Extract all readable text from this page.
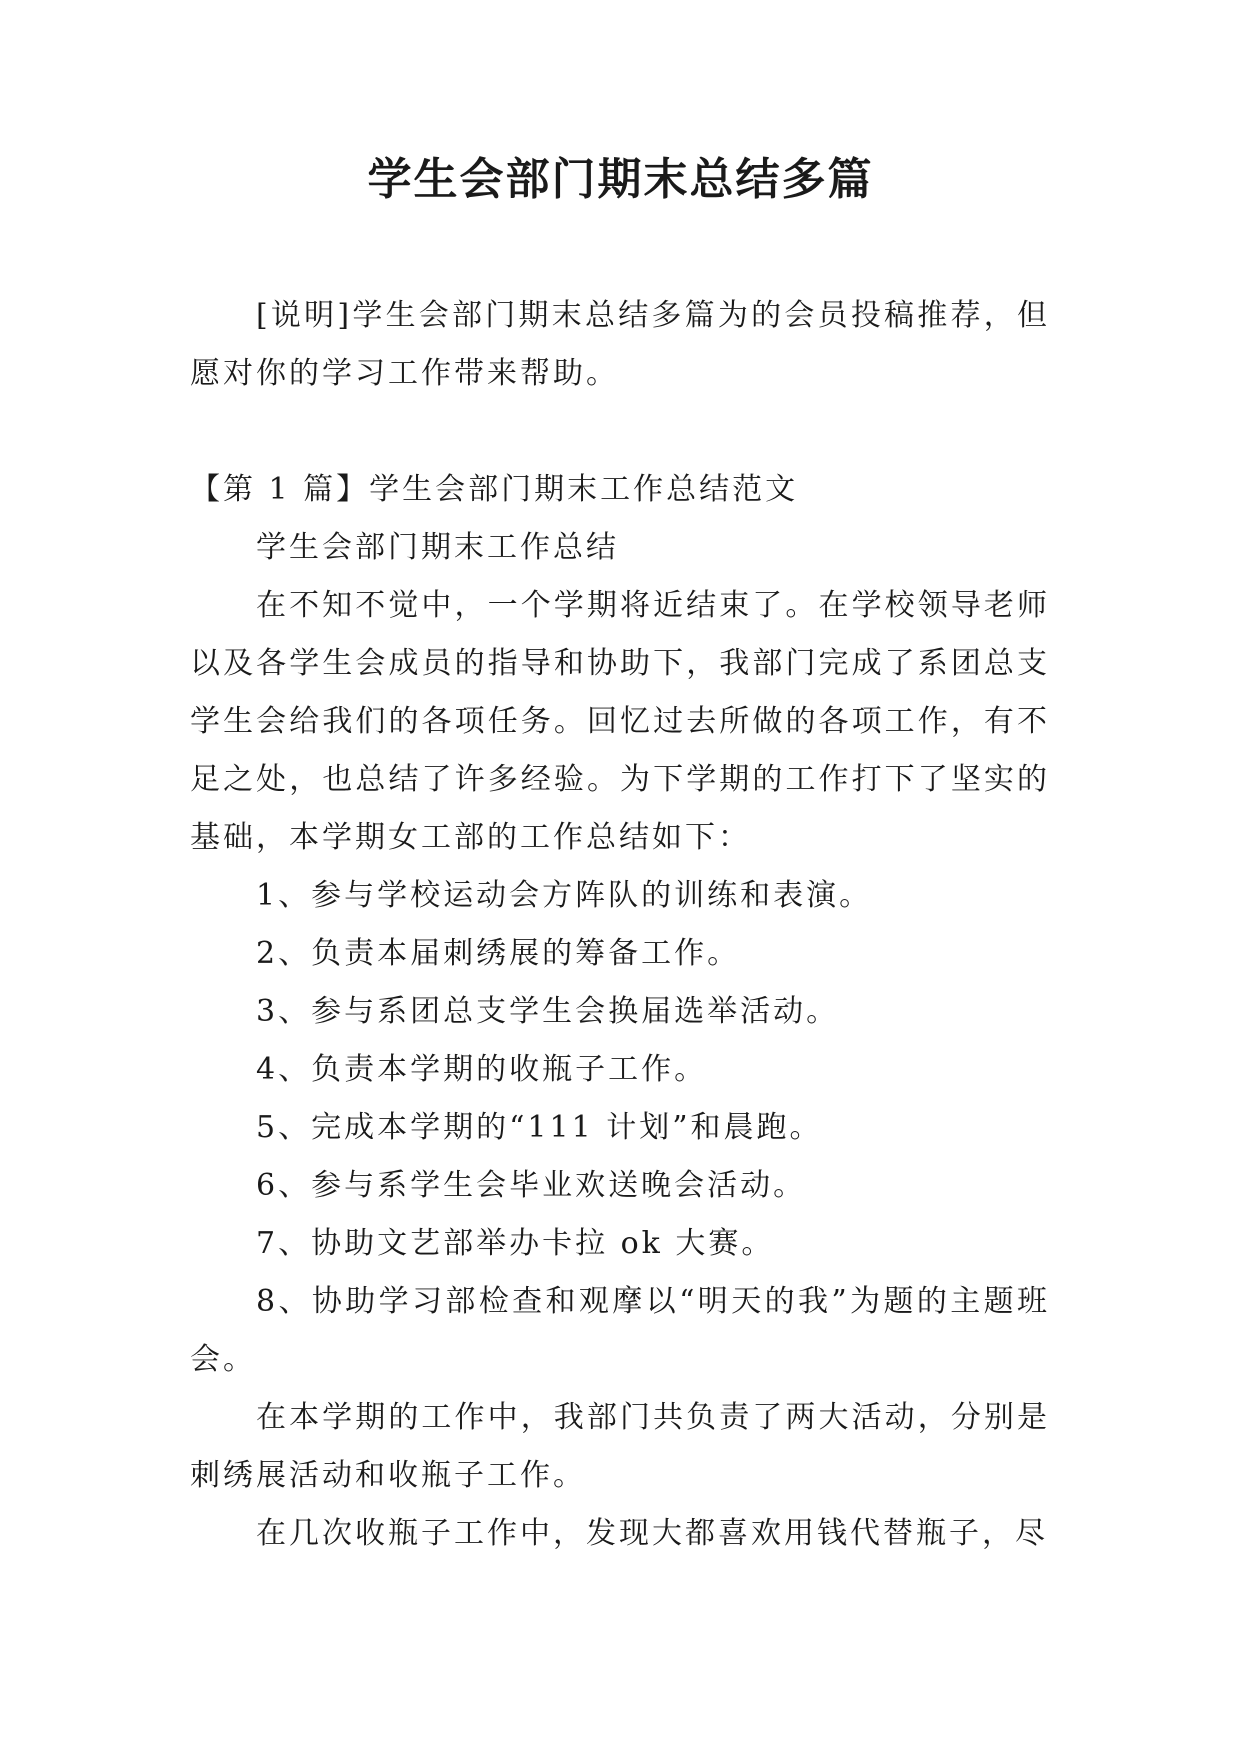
学生会部门期末总结多篇

[说明]学生会部门期末总结多篇为的会员投稿推荐，但愿对你的学习工作带来帮助。

【第 1 篇】学生会部门期末工作总结范文

学生会部门期末工作总结

在不知不觉中，一个学期将近结束了。在学校领导老师以及各学生会成员的指导和协助下，我部门完成了系团总支学生会给我们的各项任务。回忆过去所做的各项工作，有不足之处，也总结了许多经验。为下学期的工作打下了坚实的基础，本学期女工部的工作总结如下：

1、参与学校运动会方阵队的训练和表演。

2、负责本届刺绣展的筹备工作。

3、参与系团总支学生会换届选举活动。

4、负责本学期的收瓶子工作。

5、完成本学期的“111 计划”和晨跑。

6、参与系学生会毕业欢送晚会活动。

7、协助文艺部举办卡拉 ok 大赛。

8、协助学习部检查和观摩以“明天的我”为题的主题班会。

在本学期的工作中，我部门共负责了两大活动，分别是刺绣展活动和收瓶子工作。

在几次收瓶子工作中，发现大都喜欢用钱代替瓶子，尽
